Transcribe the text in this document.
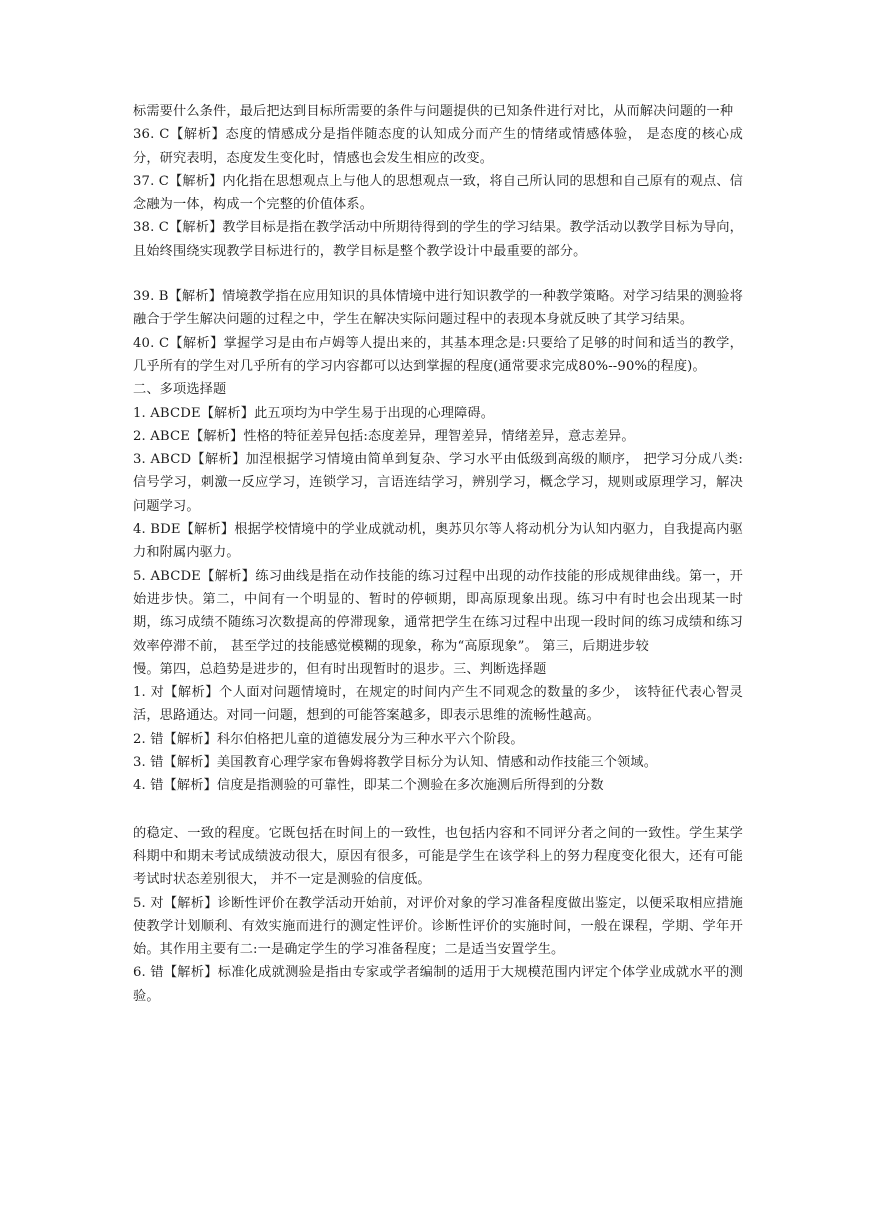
标需要什么条件，最后把达到目标所需要的条件与问题提供的已知条件进行对比，从而解决问题的一种

36. C【解析】态度的情感成分是指伴随态度的认知成分而产生的情绪或情感体验， 是态度的核心成分，研究表明，态度发生变化时，情感也会发生相应的改变。

37. C【解析】内化指在思想观点上与他人的思想观点一致，将自己所认同的思想和自己原有的观点、信念融为一体，构成一个完整的价值体系。

38. C【解析】教学目标是指在教学活动中所期待得到的学生的学习结果。教学活动以教学目标为导向，且始终围绕实现教学目标进行的，教学目标是整个教学设计中最重要的部分。

39. B【解析】情境教学指在应用知识的具体情境中进行知识教学的一种教学策略。对学习结果的测验将融合于学生解决问题的过程之中，学生在解决实际问题过程中的表现本身就反映了其学习结果。

40. C【解析】掌握学习是由布卢姆等人提出来的，其基本理念是:只要给了足够的时间和适当的教学，几乎所有的学生对几乎所有的学习内容都可以达到掌握的程度(通常要求完成80%--90%的程度)。

二、多项选择题

1. ABCDE【解析】此五项均为中学生易于出现的心理障碍。

2. ABCE【解析】性格的特征差异包括:态度差异，理智差异，情绪差异，意志差异。

3. ABCD【解析】加涅根据学习情境由简单到复杂、学习水平由低级到高级的顺序， 把学习分成八类:信号学习，刺激一反应学习，连锁学习，言语连结学习，辨别学习，概念学习，规则或原理学习，解决问题学习。

4. BDE【解析】根据学校情境中的学业成就动机，奥苏贝尔等人将动机分为认知内驱力，自我提高内驱力和附属内驱力。

5. ABCDE【解析】练习曲线是指在动作技能的练习过程中出现的动作技能的形成规律曲线。第一，开始进步快。第二，中间有一个明显的、暂时的停顿期，即高原现象出现。练习中有时也会出现某一时期，练习成绩不随练习次数提高的停滞现象，通常把学生在练习过程中出现一段时间的练习成绩和练习效率停滞不前， 甚至学过的技能感觉模糊的现象，称为“高原现象”。 第三，后期进步较

慢。第四，总趋势是进步的，但有时出现暂时的退步。三、判断选择题

1. 对【解析】个人面对问题情境时，在规定的时间内产生不同观念的数量的多少， 该特征代表心智灵活，思路通达。对同一问题，想到的可能答案越多，即表示思维的流畅性越高。

2. 错【解析】科尔伯格把儿童的道德发展分为三种水平六个阶段。

3. 错【解析】美国教育心理学家布鲁姆将教学目标分为认知、情感和动作技能三个领域。

4. 错【解析】信度是指测验的可靠性，即某二个测验在多次施测后所得到的分数

的稳定、一致的程度。它既包括在时间上的一致性，也包括内容和不同评分者之间的一致性。学生某学科期中和期末考试成绩波动很大，原因有很多，可能是学生在该学科上的努力程度变化很大，还有可能考试时状态差别很大， 并不一定是测验的信度低。

5. 对【解析】诊断性评价在教学活动开始前，对评价对象的学习准备程度做出鉴定，以便采取相应措施使教学计划顺利、有效实施而进行的测定性评价。诊断性评价的实施时间，一般在课程，学期、学年开始。其作用主要有二:一是确定学生的学习准备程度；二是适当安置学生。

6. 错【解析】标准化成就测验是指由专家或学者编制的适用于大规模范围内评定个体学业成就水平的测验。
